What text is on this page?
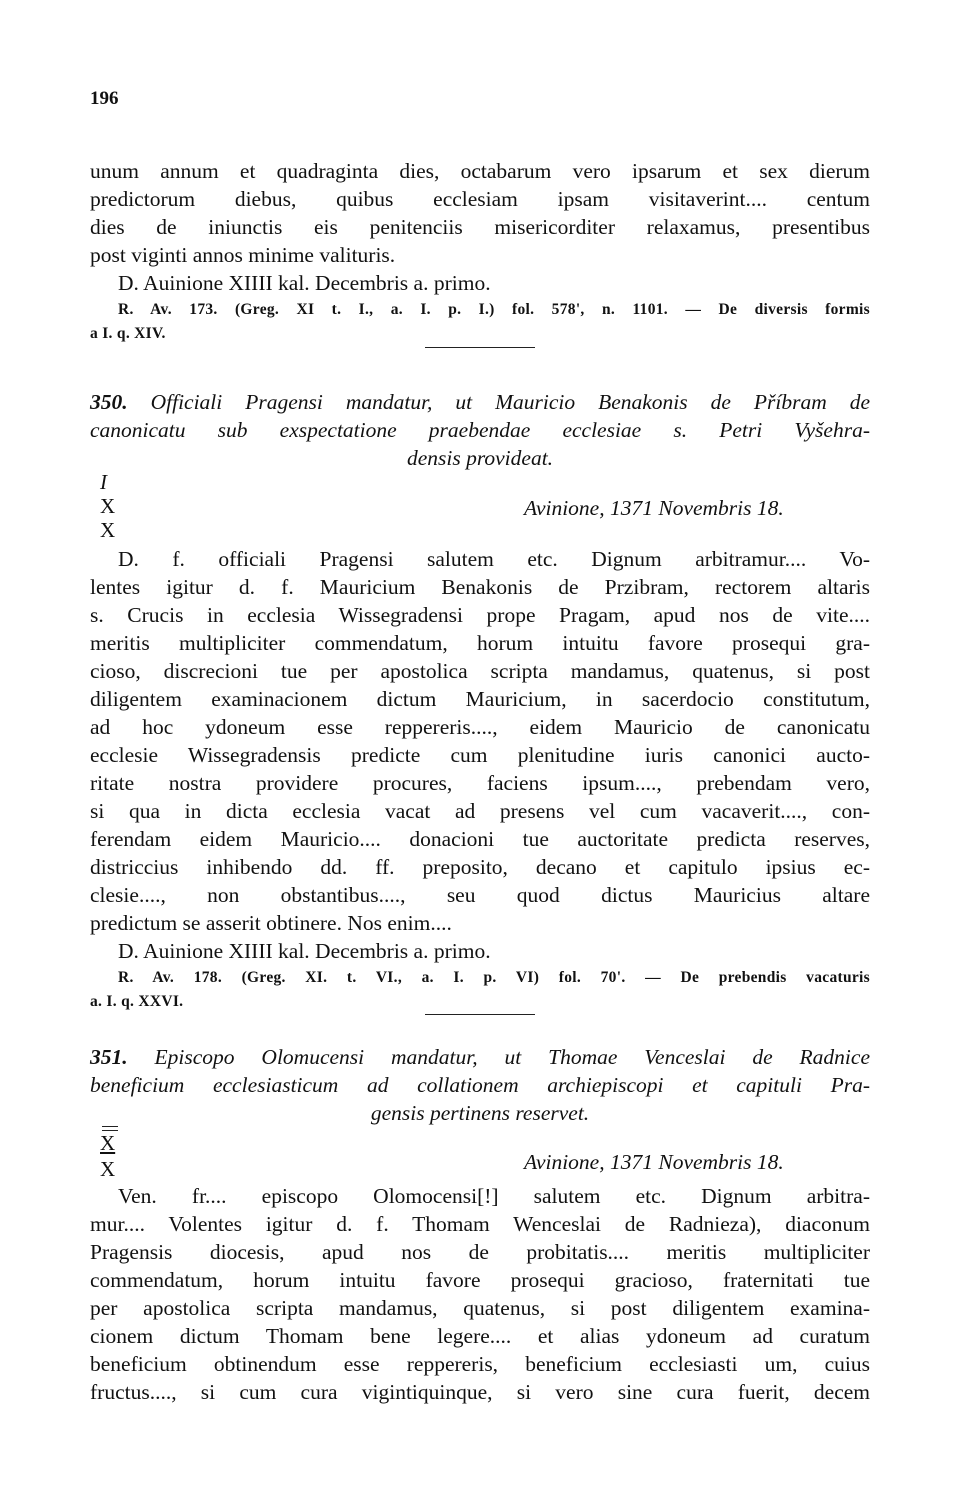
196
unum annum et quadraginta dies, octabarum vero ipsarum et sex dierum
predictorum diebus, quibus ecclesiam ipsam visitaverint.... centum
dies de iniunctis eis penitenciis misericorditer relaxamus, presentibus
post viginti annos minime valituris.
D. Auinione XIIII kal. Decembris a. primo.
R. Av. 173. (Greg. XI t. I., a. I. p. I.) fol. 578', n. 1101. — De diversis formis
a I. q. XIV.
350. Officiali Pragensi mandatur, ut Mauricio Benakonis de Příbram de
canonicatu sub exspectatione praebendae ecclesiae s. Petri Vyšehra-
densis provideat.
I
X
X
Avinione, 1371 Novembris 18.
D. f. officiali Pragensi salutem etc. Dignum arbitramur.... Vo-
lentes igitur d. f. Mauricium Benakonis de Przibram, rectorem altaris
s. Crucis in ecclesia Wissegradensi prope Pragam, apud nos de vite....
meritis multipliciter commendatum, horum intuitu favore prosequi gra-
cioso, discrecioni tue per apostolica scripta mandamus, quatenus, si post
diligentem examinacionem dictum Mauricium, in sacerdocio constitutum,
ad hoc ydoneum esse reppereris...., eidem Mauricio de canonicatu
ecclesie Wissegradensis predicte cum plenitudine iuris canonici aucto-
ritate nostra providere procures, faciens ipsum...., prebendam vero,
si qua in dicta ecclesia vacat ad presens vel cum vacaverit...., con-
ferendam eidem Mauricio.... donacioni tue auctoritate predicta reserves,
districcius inhibendo dd. ff. preposito, decano et capitulo ipsius ec-
clesie...., non obstantibus...., seu quod dictus Mauricius altare
predictum se asserit obtinere. Nos enim....
D. Auinione XIIII kal. Decembris a. primo.
R. Av. 178. (Greg. XI. t. VI., a. I. p. VI) fol. 70'. — De prebendis vacaturis
a. I. q. XXVI.
351. Episcopo Olomucensi mandatur, ut Thomae Venceslai de Radnice
beneficium ecclesiasticum ad collationem archiepiscopi et capituli Pra-
gensis pertinens reservet.
X
X	Avinione, 1371 Novembris 18.
Ven. fr.... episcopo Olomocensi[!] salutem etc. Dignum arbitra-
mur.... Volentes igitur d. f. Thomam Wenceslai de Radnieza), diaconum
Pragensis diocesis, apud nos de probitatis.... meritis multipliciter
commendatum, horum intuitu favore prosequi gracioso, fraternitati tue
per apostolica scripta mandamus, quatenus, si post diligentem examina-
cionem dictum Thomam bene legere.... et alias ydoneum ad curatum
beneficium obtinendum esse reppereris, beneficium ecclesiasti um, cuius
fructus...., si cum cura vigintiquinque, si vero sine cura fuerit, decem
